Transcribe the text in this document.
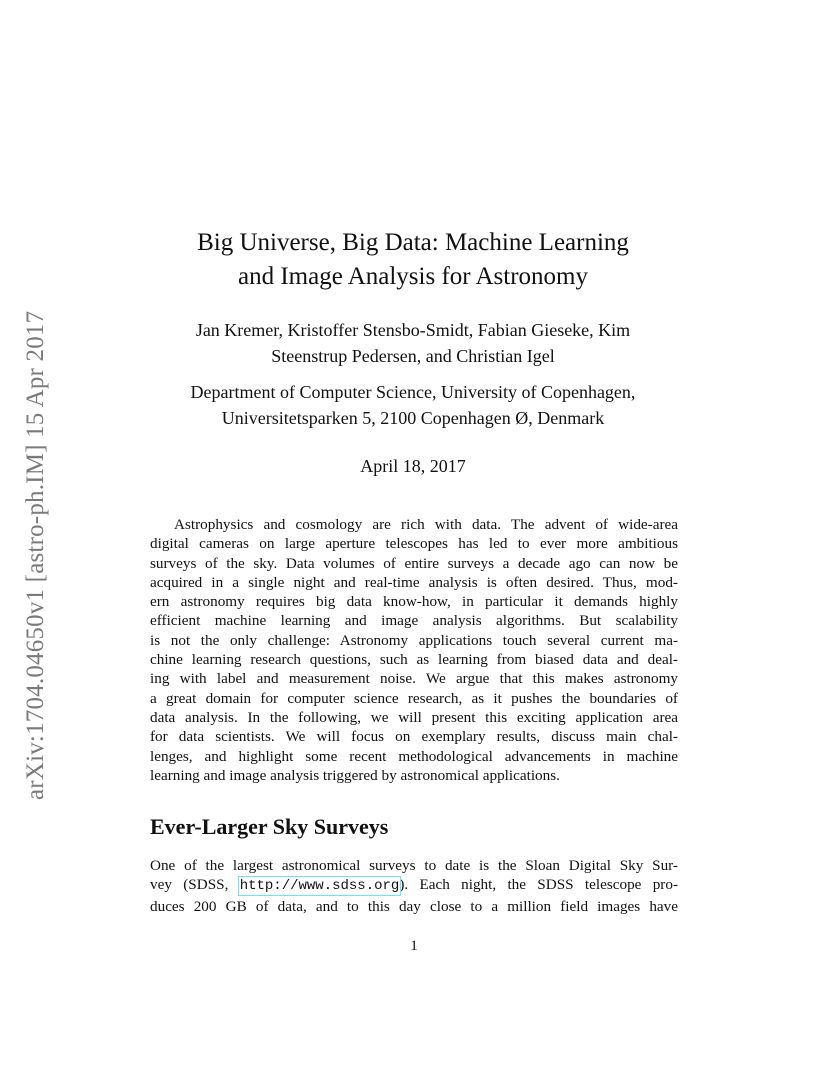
arXiv:1704.04650v1 [astro-ph.IM] 15 Apr 2017
Big Universe, Big Data: Machine Learning
and Image Analysis for Astronomy
Jan Kremer, Kristoffer Stensbo-Smidt, Fabian Gieseke, Kim
Steenstrup Pedersen, and Christian Igel
Department of Computer Science, University of Copenhagen,
Universitetsparken 5, 2100 Copenhagen Ø, Denmark
April 18, 2017
Astrophysics and cosmology are rich with data. The advent of wide-area
digital cameras on large aperture telescopes has led to ever more ambitious
surveys of the sky. Data volumes of entire surveys a decade ago can now be
acquired in a single night and real-time analysis is often desired. Thus, mod-
ern astronomy requires big data know-how, in particular it demands highly
efficient machine learning and image analysis algorithms. But scalability
is not the only challenge: Astronomy applications touch several current ma-
chine learning research questions, such as learning from biased data and deal-
ing with label and measurement noise. We argue that this makes astronomy
a great domain for computer science research, as it pushes the boundaries of
data analysis. In the following, we will present this exciting application area
for data scientists. We will focus on exemplary results, discuss main chal-
lenges, and highlight some recent methodological advancements in machine
learning and image analysis triggered by astronomical applications.
Ever-Larger Sky Surveys
One of the largest astronomical surveys to date is the Sloan Digital Sky Sur-
vey (SDSS, http://www.sdss.org). Each night, the SDSS telescope pro-
duces 200 GB of data, and to this day close to a million field images have
1
